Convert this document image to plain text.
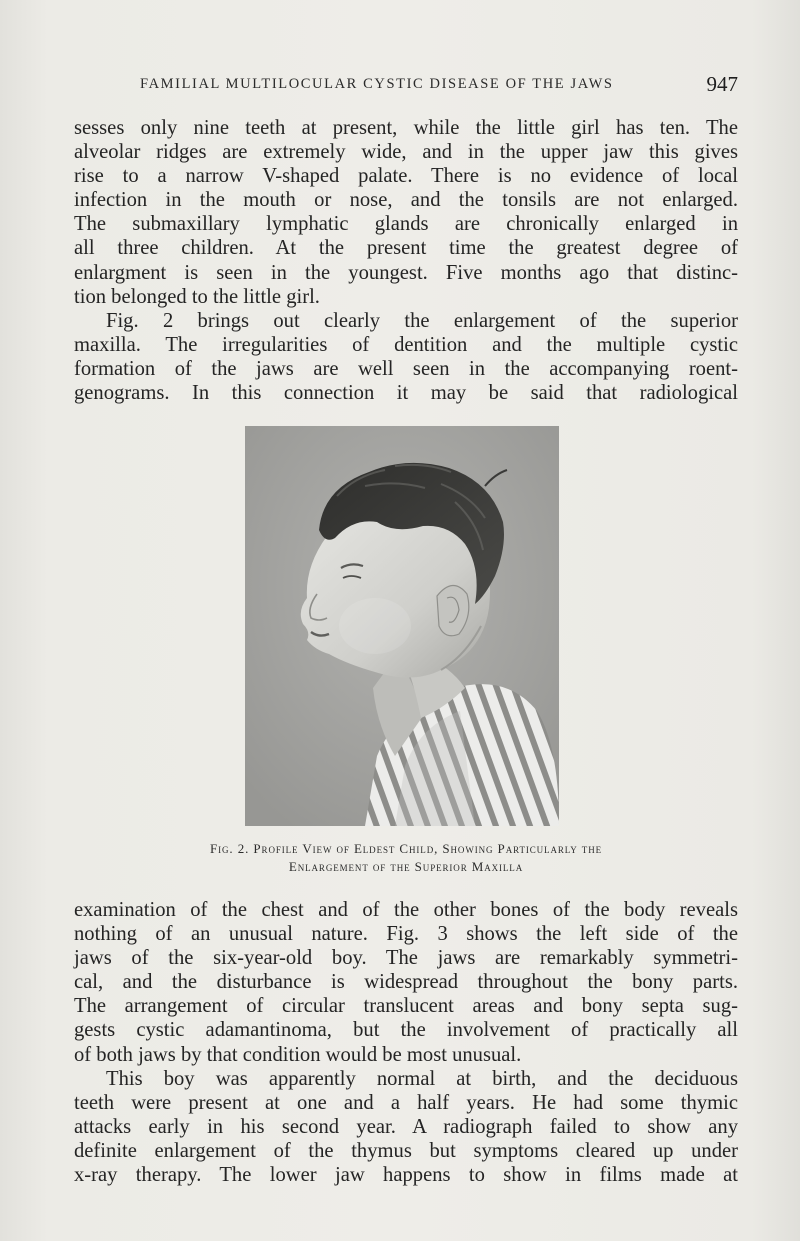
FAMILIAL MULTILOCULAR CYSTIC DISEASE OF THE JAWS	947
sesses only nine teeth at present, while the little girl has ten. The
alveolar ridges are extremely wide, and in the upper jaw this gives
rise to a narrow V-shaped palate. There is no evidence of local
infection in the mouth or nose, and the tonsils are not enlarged.
The submaxillary lymphatic glands are chronically enlarged in
all three children. At the present time the greatest degree of
enlargment is seen in the youngest. Five months ago that distinc-
tion belonged to the little girl.
Fig. 2 brings out clearly the enlargement of the superior
maxilla. The irregularities of dentition and the multiple cystic
formation of the jaws are well seen in the accompanying roent-
genograms. In this connection it may be said that radiological
Fig. 2. Profile View of Eldest Child, Showing Particularly the
Enlargement of the Superior Maxilla
examination of the chest and of the other bones of the body reveals
nothing of an unusual nature. Fig. 3 shows the left side of the
jaws of the six-year-old boy. The jaws are remarkably symmetri-
cal, and the disturbance is widespread throughout the bony parts.
The arrangement of circular translucent areas and bony septa sug-
gests cystic adamantinoma, but the involvement of practically all
of both jaws by that condition would be most unusual.
This boy was apparently normal at birth, and the deciduous
teeth were present at one and a half years. He had some thymic
attacks early in his second year. A radiograph failed to show any
definite enlargement of the thymus but symptoms cleared up under
x-ray therapy. The lower jaw happens to show in films made at
